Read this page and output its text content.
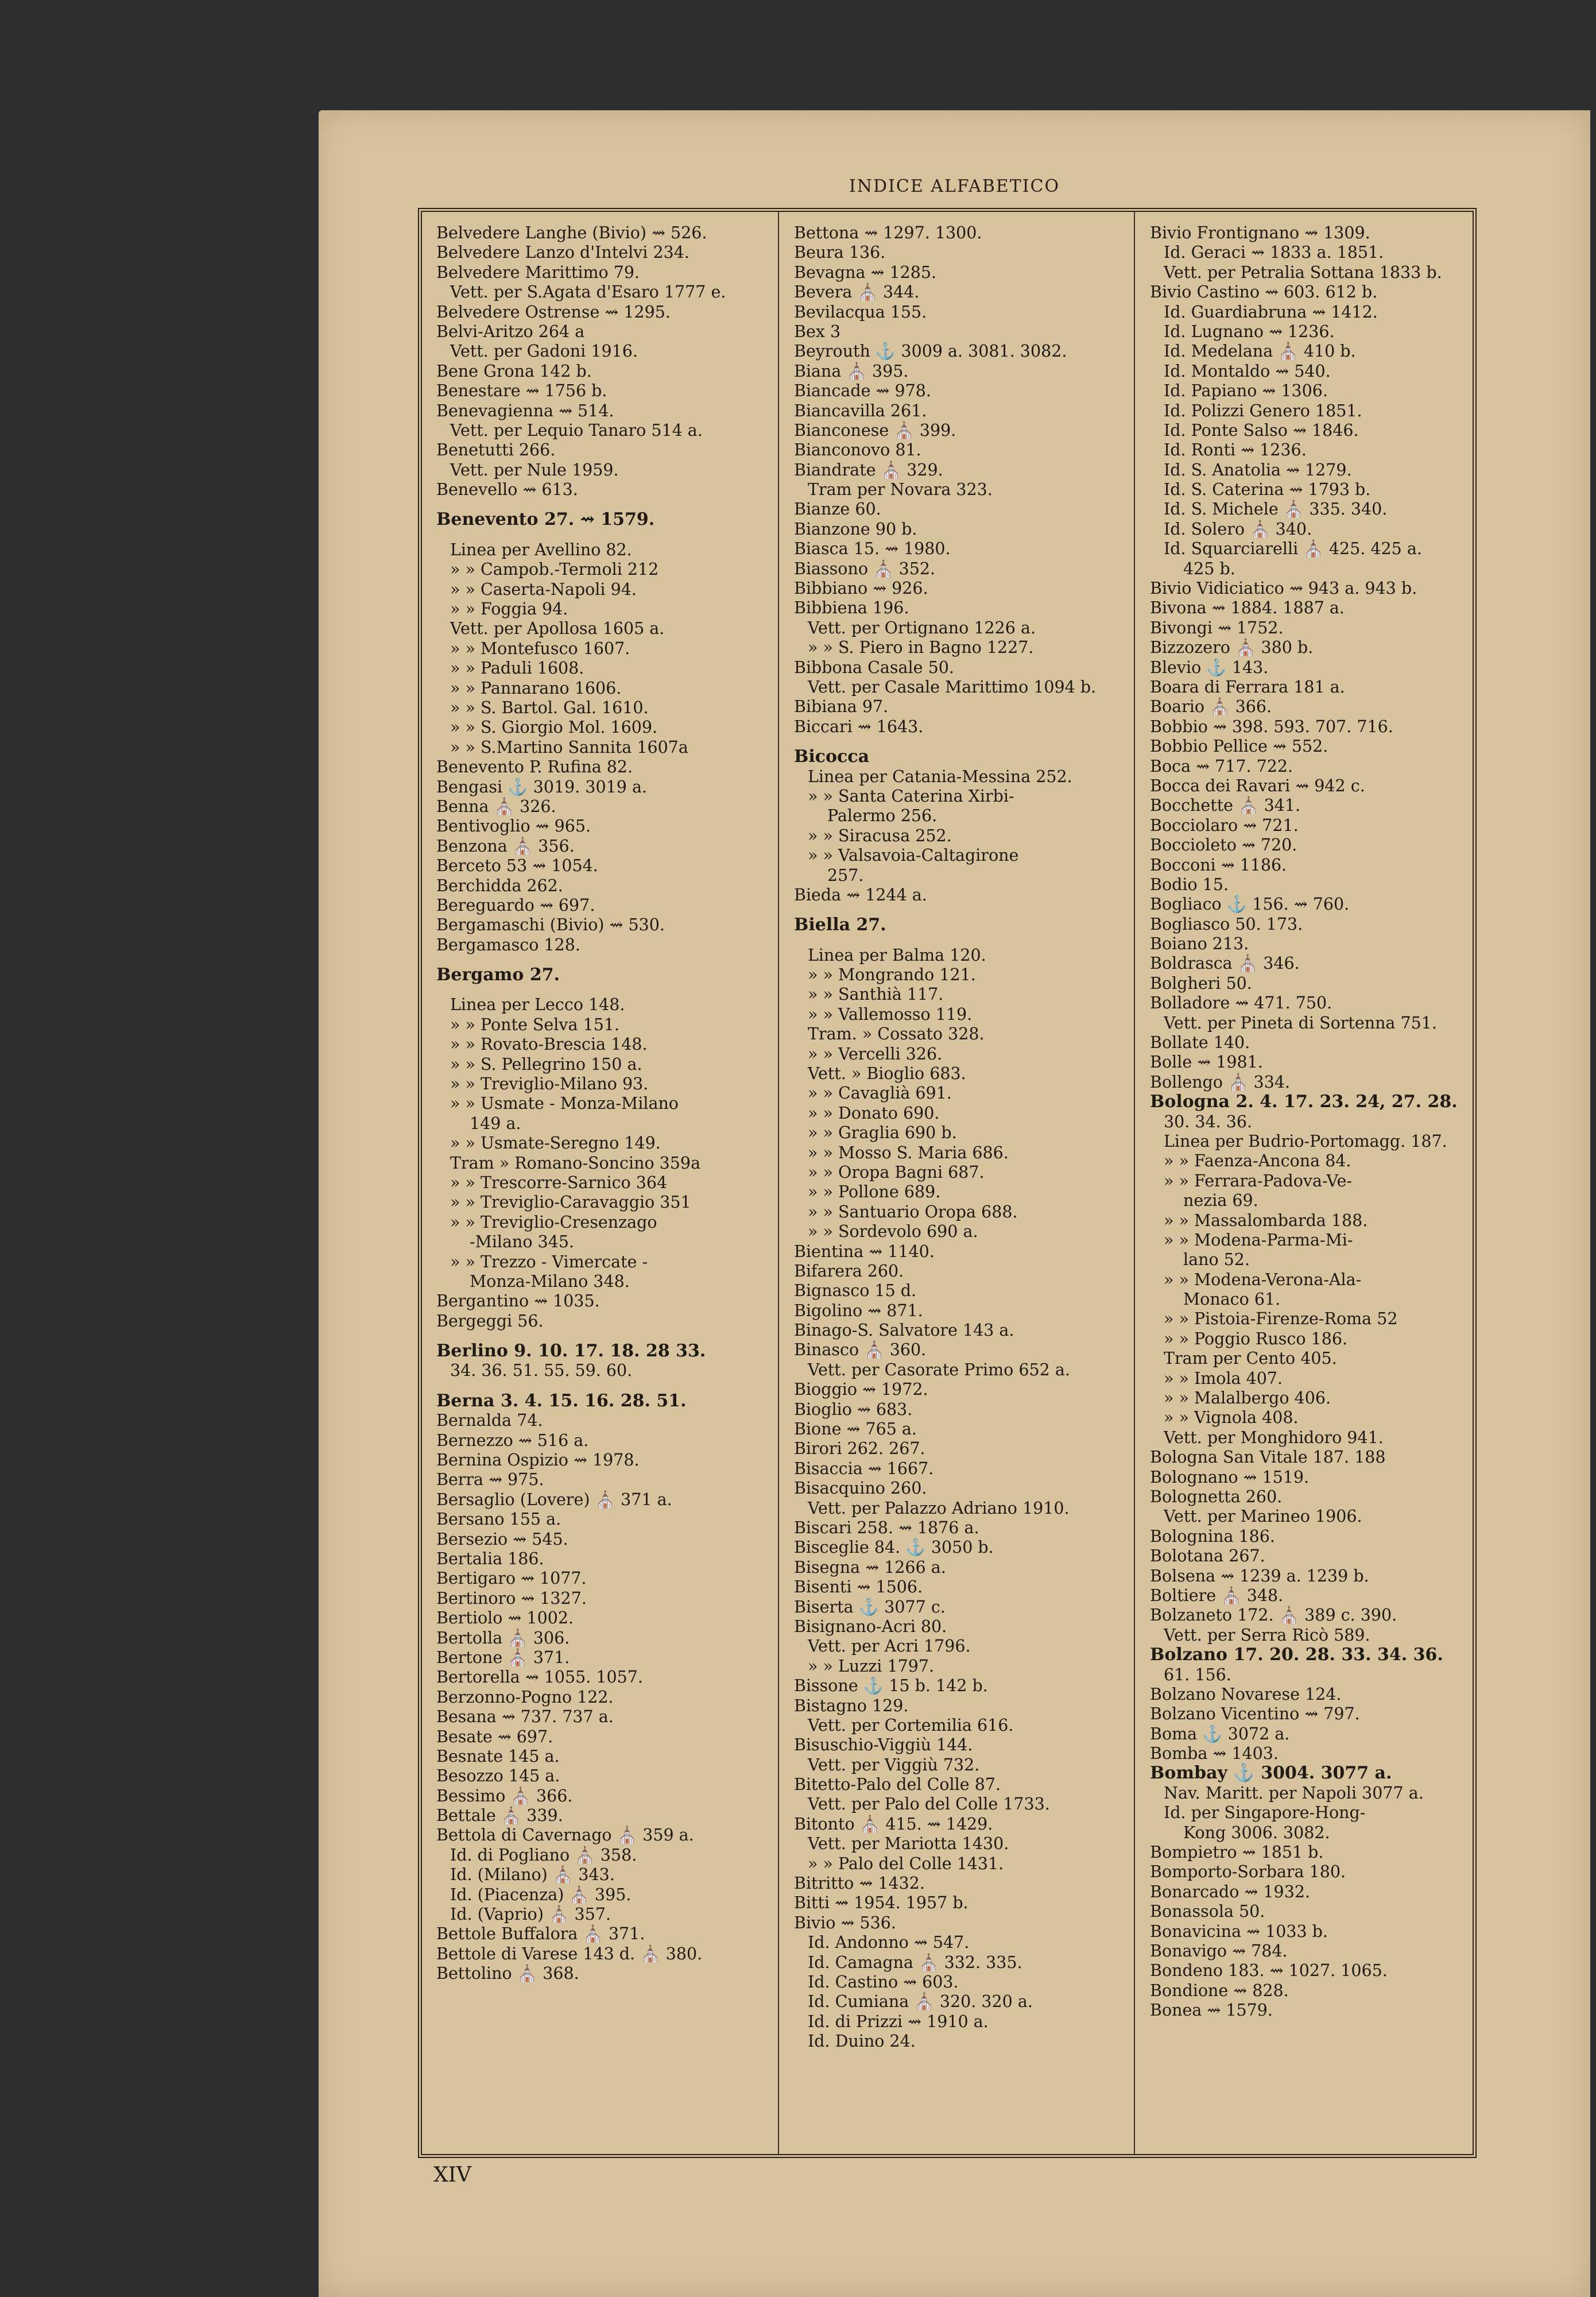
INDICE ALFABETICO
Belvedere Langhe (Bivio) ⇝ 526.
Belvedere Lanzo d'Intelvi 234.
Belvedere Marittimo 79.
Vett. per S.Agata d'Esaro 1777 e.
Belvedere Ostrense ⇝ 1295.
Belvi-Aritzo 264 a
Vett. per Gadoni 1916.
Bene Grona 142 b.
Benestare ⇝ 1756 b.
Benevagienna ⇝ 514.
Vett. per Lequio Tanaro 514 a.
Benetutti 266.
Vett. per Nule 1959.
Benevello ⇝ 613.
Benevento 27. ⇝ 1579.
Linea per Avellino 82.
» » Campob.-Termoli 212
» » Caserta-Napoli 94.
» » Foggia 94.
Vett. per Apollosa 1605 a.
» » Montefusco 1607.
» » Paduli 1608.
» » Pannarano 1606.
» » S. Bartol. Gal. 1610.
» » S. Giorgio Mol. 1609.
» » S.Martino Sannita 1607a
Benevento P. Rufina 82.
Bengasi ⚓ 3019. 3019 a.
Benna ⛪ 326.
Bentivoglio ⇝ 965.
Benzona ⛪ 356.
Berceto 53 ⇝ 1054.
Berchidda 262.
Bereguardo ⇝ 697.
Bergamaschi (Bivio) ⇝ 530.
Bergamasco 128.
Bergamo 27.
Linea per Lecco 148.
» » Ponte Selva 151.
» » Rovato-Brescia 148.
» » S. Pellegrino 150 a.
» » Treviglio-Milano 93.
» » Usmate - Monza-Milano
149 a.
» » Usmate-Seregno 149.
Tram » Romano-Soncino 359a
» » Trescorre-Sarnico 364
» » Treviglio-Caravaggio 351
» » Treviglio-Cresenzago
-Milano 345.
» » Trezzo - Vimercate -
Monza-Milano 348.
Bergantino ⇝ 1035.
Bergeggi 56.
Berlino 9. 10. 17. 18. 28 33.
34. 36. 51. 55. 59. 60.
Berna 3. 4. 15. 16. 28. 51.
Bernalda 74.
Bernezzo ⇝ 516 a.
Bernina Ospizio ⇝ 1978.
Berra ⇝ 975.
Bersaglio (Lovere) ⛪ 371 a.
Bersano 155 a.
Bersezio ⇝ 545.
Bertalia 186.
Bertigaro ⇝ 1077.
Bertinoro ⇝ 1327.
Bertiolo ⇝ 1002.
Bertolla ⛪ 306.
Bertone ⛪ 371.
Bertorella ⇝ 1055. 1057.
Berzonno-Pogno 122.
Besana ⇝ 737. 737 a.
Besate ⇝ 697.
Besnate 145 a.
Besozzo 145 a.
Bessimo ⛪ 366.
Bettale ⛪ 339.
Bettola di Cavernago ⛪ 359 a.
Id. di Pogliano ⛪ 358.
Id. (Milano) ⛪ 343.
Id. (Piacenza) ⛪ 395.
Id. (Vaprio) ⛪ 357.
Bettole Buffalora ⛪ 371.
Bettole di Varese 143 d. ⛪ 380.
Bettolino ⛪ 368.
Bettona ⇝ 1297. 1300.
Beura 136.
Bevagna ⇝ 1285.
Bevera ⛪ 344.
Bevilacqua 155.
Bex 3
Beyrouth ⚓ 3009 a. 3081. 3082.
Biana ⛪ 395.
Biancade ⇝ 978.
Biancavilla 261.
Bianconese ⛪ 399.
Bianconovo 81.
Biandrate ⛪ 329.
Tram per Novara 323.
Bianze 60.
Bianzone 90 b.
Biasca 15. ⇝ 1980.
Biassono ⛪ 352.
Bibbiano ⇝ 926.
Bibbiena 196.
Vett. per Ortignano 1226 a.
» » S. Piero in Bagno 1227.
Bibbona Casale 50.
Vett. per Casale Marittimo 1094 b.
Bibiana 97.
Biccari ⇝ 1643.
Bicocca
Linea per Catania-Messina 252.
» » Santa Caterina Xirbi-
Palermo 256.
» » Siracusa 252.
» » Valsavoia-Caltagirone
257.
Bieda ⇝ 1244 a.
Biella 27.
Linea per Balma 120.
» » Mongrando 121.
» » Santhià 117.
» » Vallemosso 119.
Tram. » Cossato 328.
» » Vercelli 326.
Vett. » Bioglio 683.
» » Cavaglià 691.
» » Donato 690.
» » Graglia 690 b.
» » Mosso S. Maria 686.
» » Oropa Bagni 687.
» » Pollone 689.
» » Santuario Oropa 688.
» » Sordevolo 690 a.
Bientina ⇝ 1140.
Bifarera 260.
Bignasco 15 d.
Bigolino ⇝ 871.
Binago-S. Salvatore 143 a.
Binasco ⛪ 360.
Vett. per Casorate Primo 652 a.
Bioggio ⇝ 1972.
Bioglio ⇝ 683.
Bione ⇝ 765 a.
Birori 262. 267.
Bisaccia ⇝ 1667.
Bisacquino 260.
Vett. per Palazzo Adriano 1910.
Biscari 258. ⇝ 1876 a.
Bisceglie 84. ⚓ 3050 b.
Bisegna ⇝ 1266 a.
Bisenti ⇝ 1506.
Biserta ⚓ 3077 c.
Bisignano-Acri 80.
Vett. per Acri 1796.
» » Luzzi 1797.
Bissone ⚓ 15 b. 142 b.
Bistagno 129.
Vett. per Cortemilia 616.
Bisuschio-Viggiù 144.
Vett. per Viggiù 732.
Bitetto-Palo del Colle 87.
Vett. per Palo del Colle 1733.
Bitonto ⛪ 415. ⇝ 1429.
Vett. per Mariotta 1430.
» » Palo del Colle 1431.
Bitritto ⇝ 1432.
Bitti ⇝ 1954. 1957 b.
Bivio ⇝ 536.
Id. Andonno ⇝ 547.
Id. Camagna ⛪ 332. 335.
Id. Castino ⇝ 603.
Id. Cumiana ⛪ 320. 320 a.
Id. di Prizzi ⇝ 1910 a.
Id. Duino 24.
Bivio Frontignano ⇝ 1309.
Id. Geraci ⇝ 1833 a. 1851.
Vett. per Petralia Sottana 1833 b.
Bivio Castino ⇝ 603. 612 b.
Id. Guardiabruna ⇝ 1412.
Id. Lugnano ⇝ 1236.
Id. Medelana ⛪ 410 b.
Id. Montaldo ⇝ 540.
Id. Papiano ⇝ 1306.
Id. Polizzi Genero 1851.
Id. Ponte Salso ⇝ 1846.
Id. Ronti ⇝ 1236.
Id. S. Anatolia ⇝ 1279.
Id. S. Caterina ⇝ 1793 b.
Id. S. Michele ⛪ 335. 340.
Id. Solero ⛪ 340.
Id. Squarciarelli ⛪ 425. 425 a.
425 b.
Bivio Vidiciatico ⇝ 943 a. 943 b.
Bivona ⇝ 1884. 1887 a.
Bivongi ⇝ 1752.
Bizzozero ⛪ 380 b.
Blevio ⚓ 143.
Boara di Ferrara 181 a.
Boario ⛪ 366.
Bobbio ⇝ 398. 593. 707. 716.
Bobbio Pellice ⇝ 552.
Boca ⇝ 717. 722.
Bocca dei Ravari ⇝ 942 c.
Bocchette ⛪ 341.
Bocciolaro ⇝ 721.
Boccioleto ⇝ 720.
Bocconi ⇝ 1186.
Bodio 15.
Bogliaco ⚓ 156. ⇝ 760.
Bogliasco 50. 173.
Boiano 213.
Boldrasca ⛪ 346.
Bolgheri 50.
Bolladore ⇝ 471. 750.
Vett. per Pineta di Sortenna 751.
Bollate 140.
Bolle ⇝ 1981.
Bollengo ⛪ 334.
Bologna 2. 4. 17. 23. 24, 27. 28.
30. 34. 36.
Linea per Budrio-Portomagg. 187.
» » Faenza-Ancona 84.
» » Ferrara-Padova-Ve-
nezia 69.
» » Massalombarda 188.
» » Modena-Parma-Mi-
lano 52.
» » Modena-Verona-Ala-
Monaco 61.
» » Pistoia-Firenze-Roma 52
» » Poggio Rusco 186.
Tram per Cento 405.
» » Imola 407.
» » Malalbergo 406.
» » Vignola 408.
Vett. per Monghidoro 941.
Bologna San Vitale 187. 188
Bolognano ⇝ 1519.
Bolognetta 260.
Vett. per Marineo 1906.
Bolognina 186.
Bolotana 267.
Bolsena ⇝ 1239 a. 1239 b.
Boltiere ⛪ 348.
Bolzaneto 172. ⛪ 389 c. 390.
Vett. per Serra Ricò 589.
Bolzano 17. 20. 28. 33. 34. 36.
61. 156.
Bolzano Novarese 124.
Bolzano Vicentino ⇝ 797.
Boma ⚓ 3072 a.
Bomba ⇝ 1403.
Bombay ⚓ 3004. 3077 a.
Nav. Maritt. per Napoli 3077 a.
Id. per Singapore-Hong-
Kong 3006. 3082.
Bompietro ⇝ 1851 b.
Bomporto-Sorbara 180.
Bonarcado ⇝ 1932.
Bonassola 50.
Bonavicina ⇝ 1033 b.
Bonavigo ⇝ 784.
Bondeno 183. ⇝ 1027. 1065.
Bondione ⇝ 828.
Bonea ⇝ 1579.
XIV
